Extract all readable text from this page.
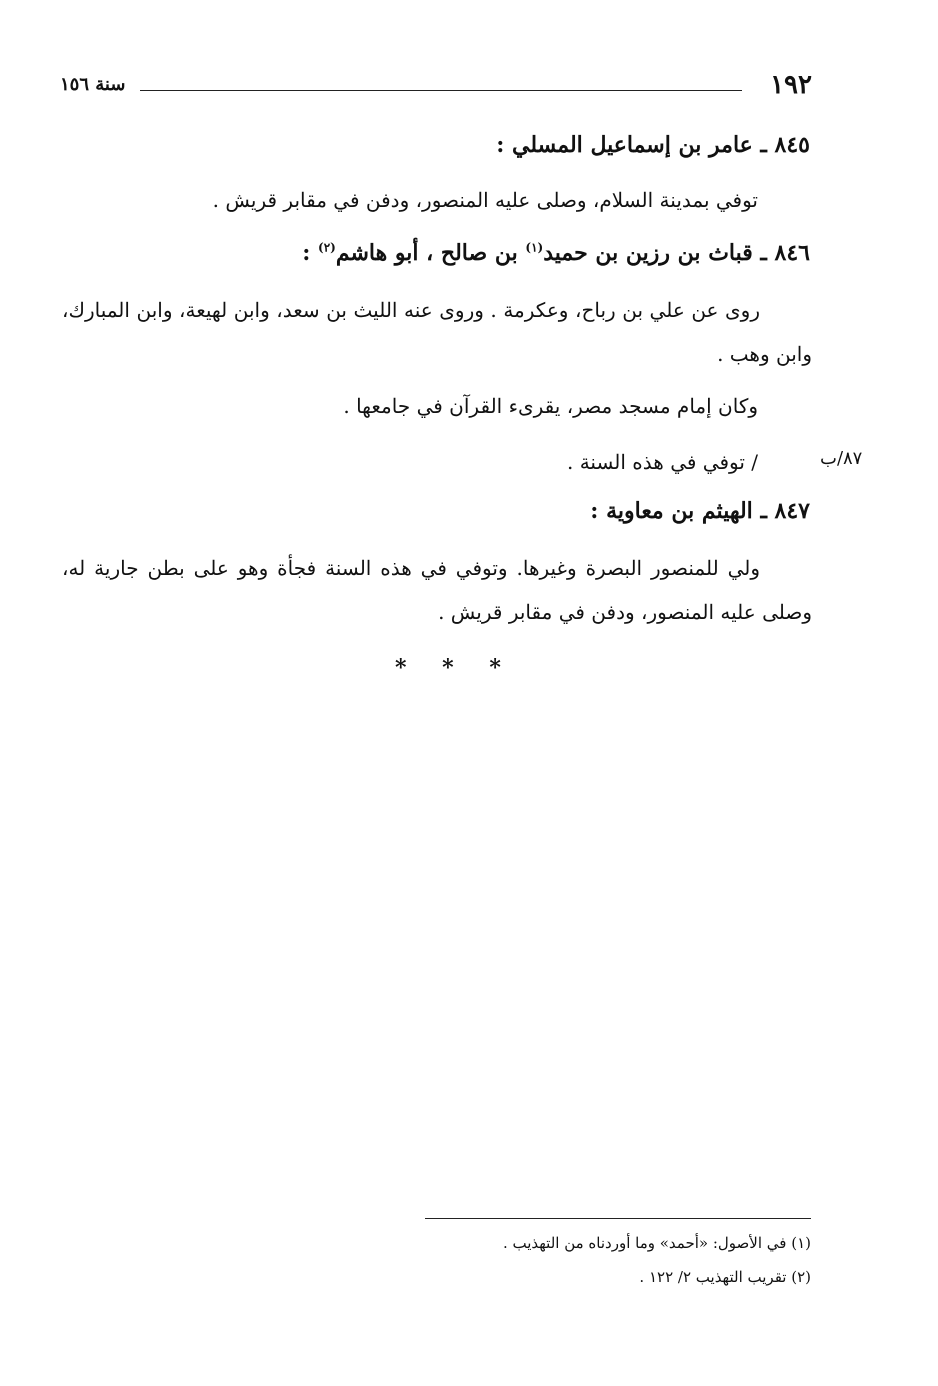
١٩٢
سنة ١٥٦
٨٤٥ ـ عامر بن إسماعيل المسلي :
توفي بمدينة السلام، وصلى عليه المنصور، ودفن في مقابر قريش .
٨٤٦ ـ قباث بن رزين بن حميد$^{(١)}$ بن صالح ، أبو هاشم$^{(٢)}$ :
روى عن علي بن رباح، وعكرمة . وروى عنه الليث بن سعد، وابن لهيعة، وابن المبارك، وابن وهب .
وكان إمام مسجد مصر، يقرىء القرآن في جامعها .
/ توفي في هذه السنة .	٨٧/ب
٨٤٧ ـ الهيثم بن معاوية :
ولي للمنصور البصرة وغيرها. وتوفي في هذه السنة فجأة وهو على بطن جارية له، وصلى عليه المنصور، ودفن في مقابر قريش .
* * *
(١) في الأصول: «أحمد» وما أوردناه من التهذيب .
(٢) تقريب التهذيب ٢/ ١٢٢ .
